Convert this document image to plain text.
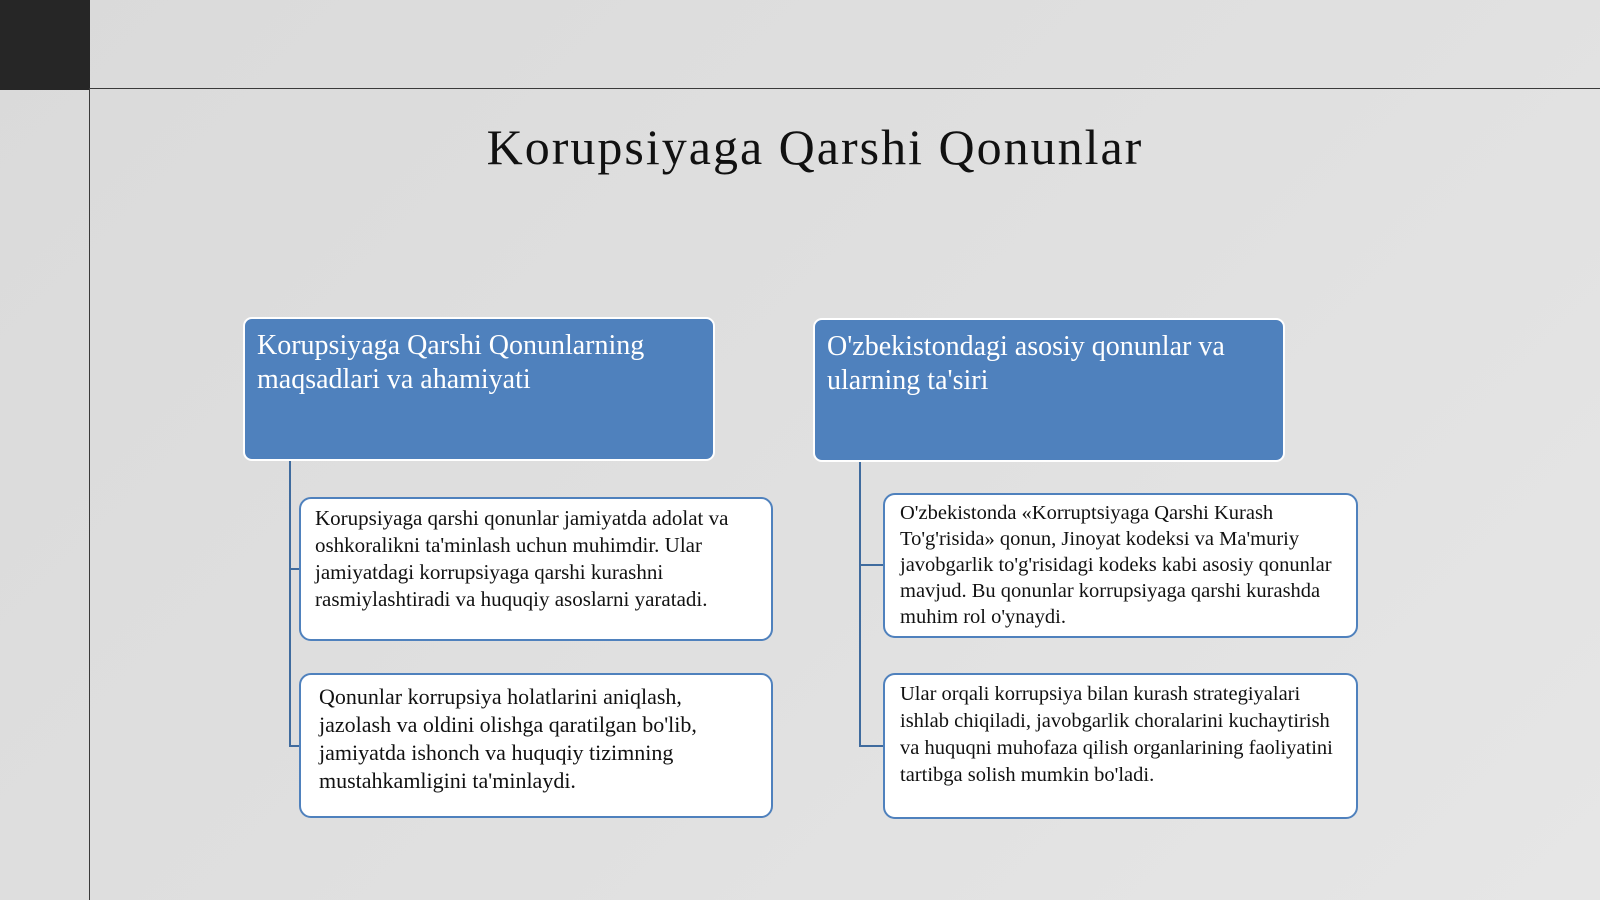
Korupsiyaga Qarshi Qonunlar
Korupsiyaga Qarshi Qonunlarning maqsadlari va ahamiyati
Korupsiyaga qarshi qonunlar jamiyatda adolat va oshkoralikni ta'minlash uchun muhimdir. Ular jamiyatdagi korrupsiyaga qarshi kurashni rasmiylashtiradi va huquqiy asoslarni yaratadi.
Qonunlar korrupsiya holatlarini aniqlash, jazolash va oldini olishga qaratilgan bo'lib, jamiyatda ishonch va huquqiy tizimning mustahkamligini ta'minlaydi.
O'zbekistondagi asosiy qonunlar va ularning ta'siri
O'zbekistonda «Korruptsiyaga Qarshi Kurash To'g'risida» qonun, Jinoyat kodeksi va Ma'muriy javobgarlik to'g'risidagi kodeks kabi asosiy qonunlar mavjud. Bu qonunlar korrupsiyaga qarshi kurashda muhim rol o'ynaydi.
Ular orqali korrupsiya bilan kurash strategiyalari ishlab chiqiladi, javobgarlik choralarini kuchaytirish va huquqni muhofaza qilish organlarining faoliyatini tartibga solish mumkin bo'ladi.
